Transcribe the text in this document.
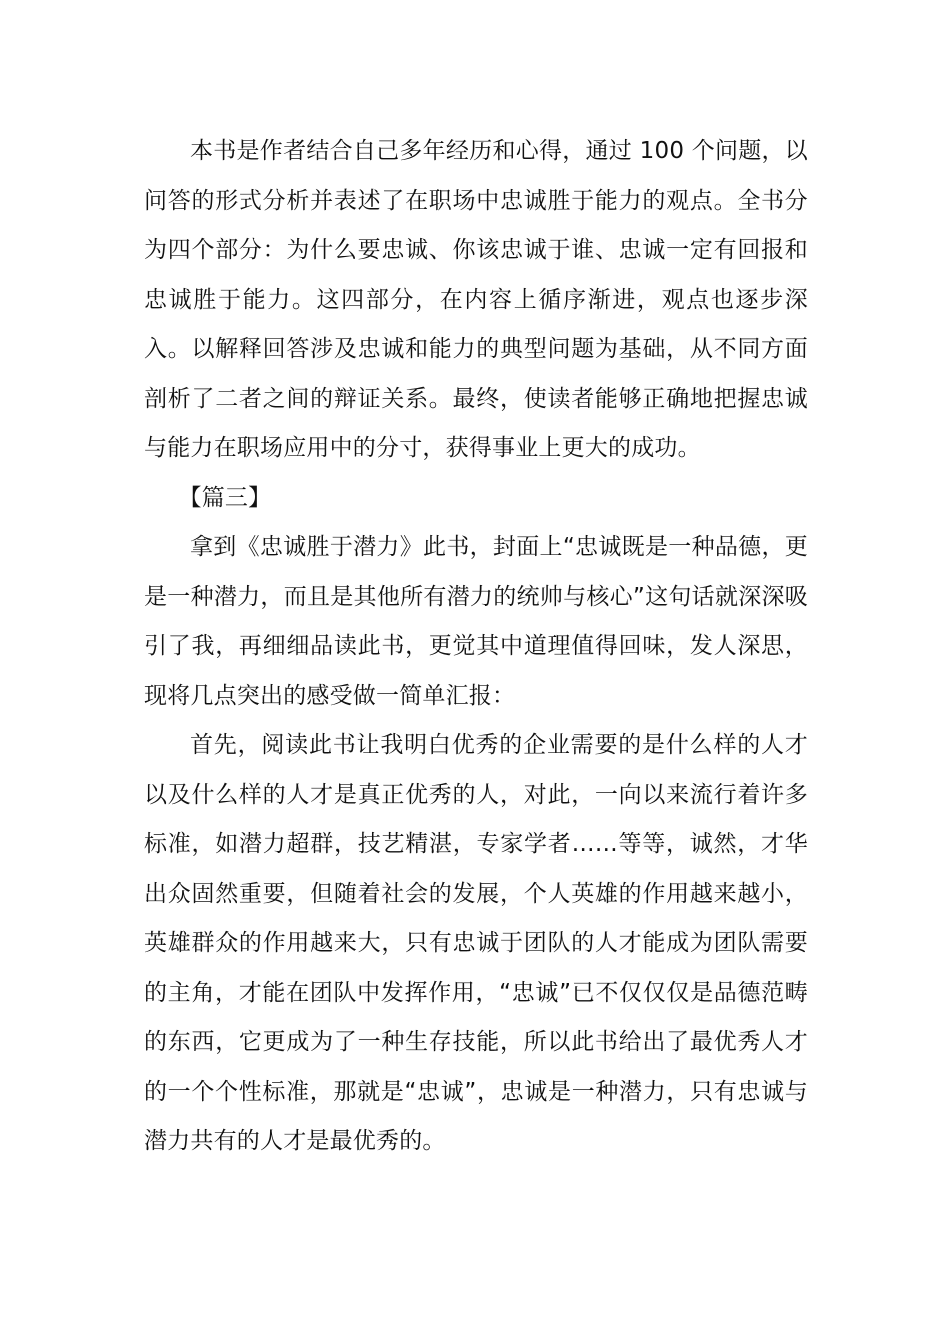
本书是作者结合自己多年经历和心得，通过 100 个问题，以问答的形式分析并表述了在职场中忠诚胜于能力的观点。全书分为四个部分：为什么要忠诚、你该忠诚于谁、忠诚一定有回报和忠诚胜于能力。这四部分，在内容上循序渐进，观点也逐步深入。以解释回答涉及忠诚和能力的典型问题为基础，从不同方面剖析了二者之间的辩证关系。最终，使读者能够正确地把握忠诚与能力在职场应用中的分寸，获得事业上更大的成功。

【篇三】

拿到《忠诚胜于潜力》此书，封面上“忠诚既是一种品德，更是一种潜力，而且是其他所有潜力的统帅与核心”这句话就深深吸引了我，再细细品读此书，更觉其中道理值得回味，发人深思，现将几点突出的感受做一简单汇报：

首先，阅读此书让我明白优秀的企业需要的是什么样的人才以及什么样的人才是真正优秀的人，对此，一向以来流行着许多标准，如潜力超群，技艺精湛，专家学者……等等，诚然，才华出众固然重要，但随着社会的发展，个人英雄的作用越来越小，英雄群众的作用越来大，只有忠诚于团队的人才能成为团队需要的主角，才能在团队中发挥作用，“忠诚”已不仅仅仅是品德范畴的东西，它更成为了一种生存技能，所以此书给出了最优秀人才的一个个性标准，那就是“忠诚”，忠诚是一种潜力，只有忠诚与潜力共有的人才是最优秀的。
